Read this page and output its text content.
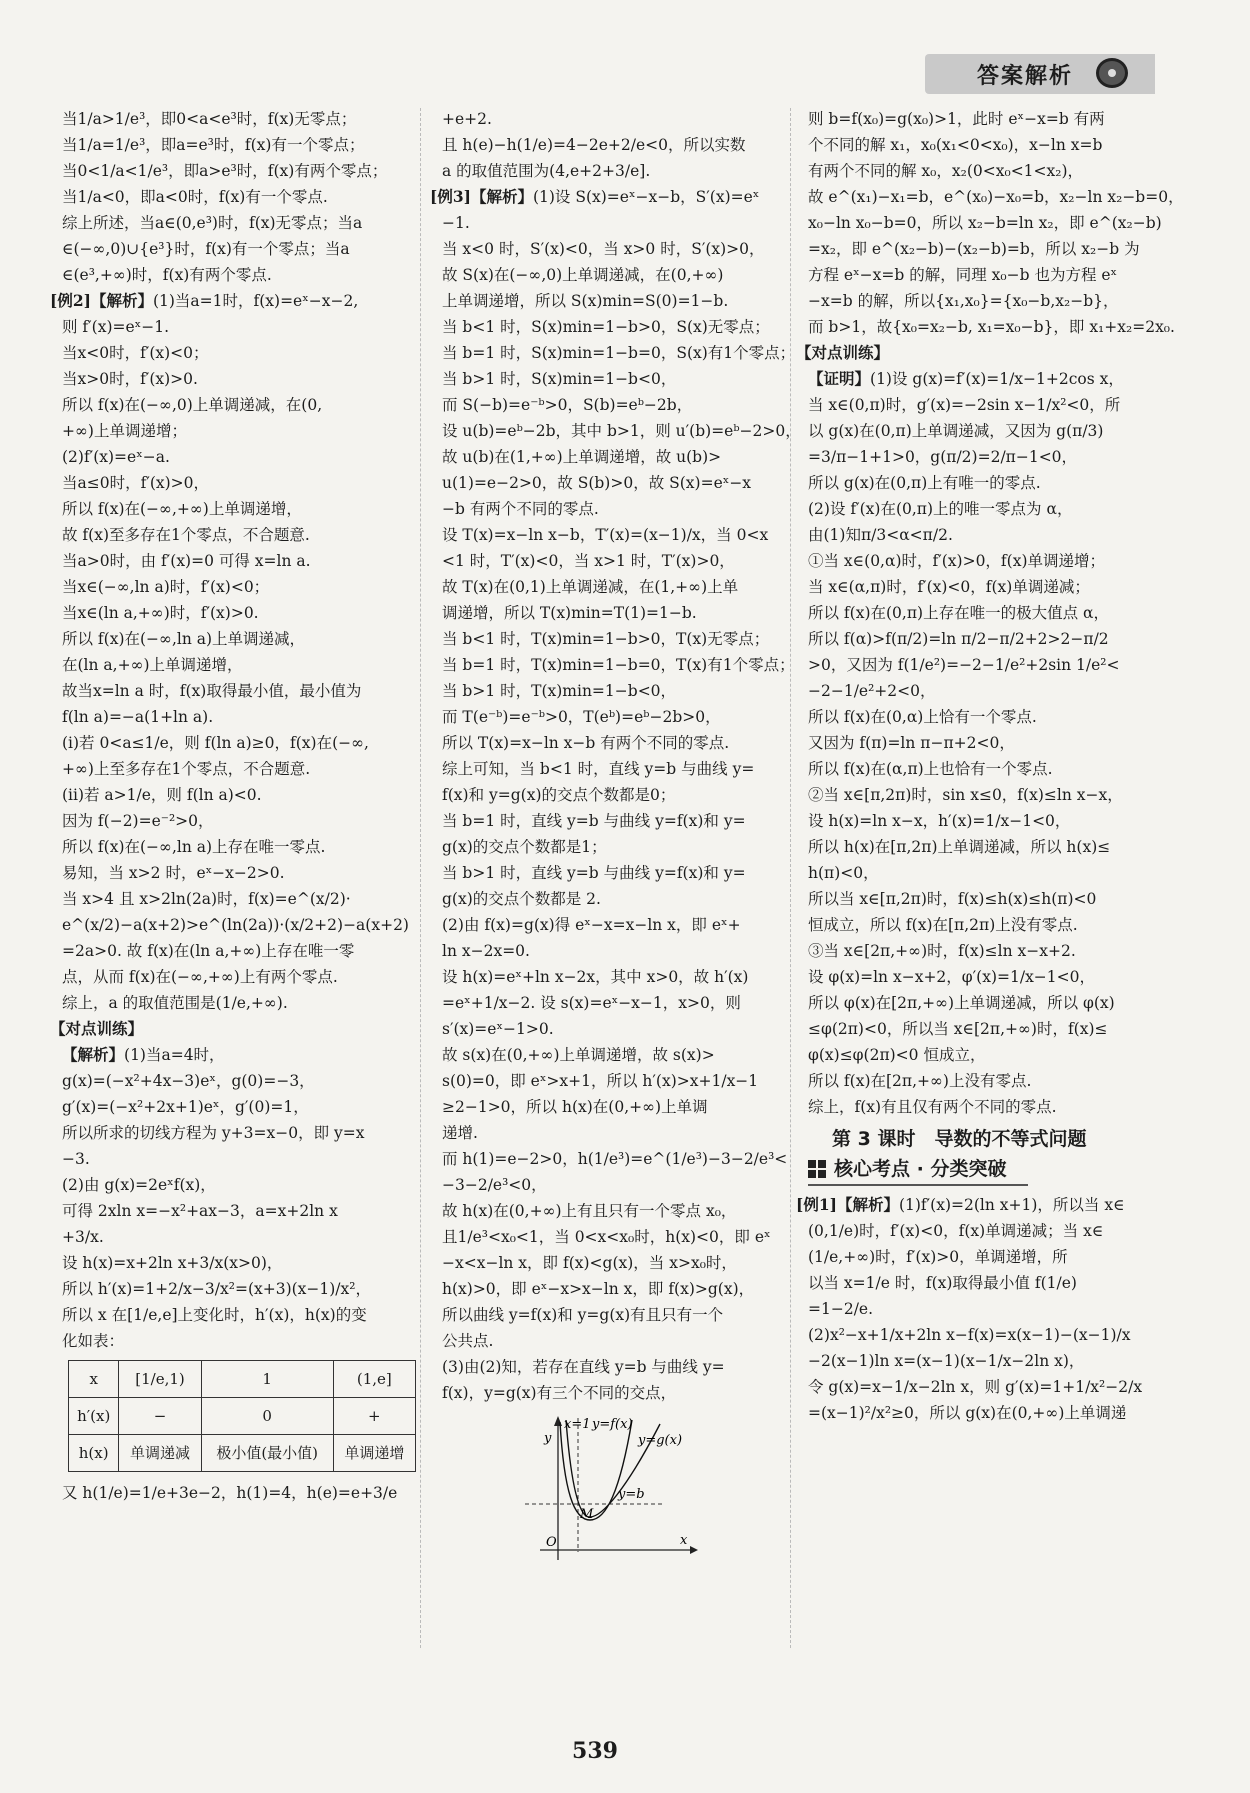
答案解析

当1/a>1/e³，即0<a<e³时，f(x)无零点；

当1/a=1/e³，即a=e³时，f(x)有一个零点；

当0<1/a<1/e³，即a>e³时，f(x)有两个零点；

当1/a<0，即a<0时，f(x)有一个零点.

综上所述，当a∈(0,e³)时，f(x)无零点；当a

∈(−∞,0)∪{e³}时，f(x)有一个零点；当a

∈(e³,+∞)时，f(x)有两个零点.

[例2]【解析】(1)当a=1时，f(x)=eˣ−x−2,

则 f′(x)=eˣ−1.

当x<0时，f′(x)<0；

当x>0时，f′(x)>0.

所以 f(x)在(−∞,0)上单调递减，在(0,

+∞)上单调递增；

(2)f′(x)=eˣ−a.

当a≤0时，f′(x)>0，

所以 f(x)在(−∞,+∞)上单调递增，

故 f(x)至多存在1个零点，不合题意.

当a>0时，由 f′(x)=0 可得 x=ln a.

当x∈(−∞,ln a)时，f′(x)<0；

当x∈(ln a,+∞)时，f′(x)>0.

所以 f(x)在(−∞,ln a)上单调递减，

在(ln a,+∞)上单调递增，

故当x=ln a 时，f(x)取得最小值，最小值为

f(ln a)=−a(1+ln a).

(i)若 0<a≤1/e，则 f(ln a)≥0，f(x)在(−∞,

+∞)上至多存在1个零点，不合题意.

(ii)若 a>1/e，则 f(ln a)<0.

因为 f(−2)=e⁻²>0，

所以 f(x)在(−∞,ln a)上存在唯一零点.

易知，当 x>2 时，eˣ−x−2>0.

当 x>4 且 x>2ln(2a)时，f(x)=e^(x/2)·

e^(x/2)−a(x+2)>e^(ln(2a))·(x/2+2)−a(x+2)

=2a>0. 故 f(x)在(ln a,+∞)上存在唯一零

点，从而 f(x)在(−∞,+∞)上有两个零点.

综上，a 的取值范围是(1/e,+∞).

【对点训练】

【解析】(1)当a=4时，

g(x)=(−x²+4x−3)eˣ，g(0)=−3，

g′(x)=(−x²+2x+1)eˣ，g′(0)=1，

所以所求的切线方程为 y+3=x−0，即 y=x

−3.

(2)由 g(x)=2eˣf(x)，

可得 2xln x=−x²+ax−3，a=x+2ln x

+3/x.

设 h(x)=x+2ln x+3/x(x>0)，

所以 h′(x)=1+2/x−3/x²=(x+3)(x−1)/x²，

所以 x 在[1/e,e]上变化时，h′(x)，h(x)的变

化如表：

x	[1/e,1)	1	(1,e]
h′(x)	−	0	+
h(x)	单调递减	极小值(最小值)	单调递增

又 h(1/e)=1/e+3e−2，h(1)=4，h(e)=e+3/e

+e+2.

且 h(e)−h(1/e)=4−2e+2/e<0，所以实数

a 的取值范围为(4,e+2+3/e].

[例3]【解析】(1)设 S(x)=eˣ−x−b，S′(x)=eˣ

−1.

当 x<0 时，S′(x)<0，当 x>0 时，S′(x)>0，

故 S(x)在(−∞,0)上单调递减，在(0,+∞)

上单调递增，所以 S(x)min=S(0)=1−b.

当 b<1 时，S(x)min=1−b>0，S(x)无零点；

当 b=1 时，S(x)min=1−b=0，S(x)有1个零点；

当 b>1 时，S(x)min=1−b<0，

而 S(−b)=e⁻ᵇ>0，S(b)=eᵇ−2b，

设 u(b)=eᵇ−2b，其中 b>1，则 u′(b)=eᵇ−2>0，

故 u(b)在(1,+∞)上单调递增，故 u(b)>

u(1)=e−2>0，故 S(b)>0，故 S(x)=eˣ−x

−b 有两个不同的零点.

设 T(x)=x−ln x−b，T′(x)=(x−1)/x，当 0<x

<1 时，T′(x)<0，当 x>1 时，T′(x)>0，

故 T(x)在(0,1)上单调递减，在(1,+∞)上单

调递增，所以 T(x)min=T(1)=1−b.

当 b<1 时，T(x)min=1−b>0，T(x)无零点；

当 b=1 时，T(x)min=1−b=0，T(x)有1个零点；

当 b>1 时，T(x)min=1−b<0，

而 T(e⁻ᵇ)=e⁻ᵇ>0，T(eᵇ)=eᵇ−2b>0，

所以 T(x)=x−ln x−b 有两个不同的零点.

综上可知，当 b<1 时，直线 y=b 与曲线 y=

f(x)和 y=g(x)的交点个数都是0；

当 b=1 时，直线 y=b 与曲线 y=f(x)和 y=

g(x)的交点个数都是1；

当 b>1 时，直线 y=b 与曲线 y=f(x)和 y=

g(x)的交点个数都是 2.

(2)由 f(x)=g(x)得 eˣ−x=x−ln x，即 eˣ+

ln x−2x=0.

设 h(x)=eˣ+ln x−2x，其中 x>0，故 h′(x)

=eˣ+1/x−2. 设 s(x)=eˣ−x−1，x>0，则

s′(x)=eˣ−1>0.

故 s(x)在(0,+∞)上单调递增，故 s(x)>

s(0)=0，即 eˣ>x+1，所以 h′(x)>x+1/x−1

≥2−1>0，所以 h(x)在(0,+∞)上单调

递增.

而 h(1)=e−2>0，h(1/e³)=e^(1/e³)−3−2/e³<

−3−2/e³<0，

故 h(x)在(0,+∞)上有且只有一个零点 x₀，

且1/e³<x₀<1，当 0<x<x₀时，h(x)<0，即 eˣ

−x<x−ln x，即 f(x)<g(x)，当 x>x₀时，

h(x)>0，即 eˣ−x>x−ln x，即 f(x)>g(x)，

所以曲线 y=f(x)和 y=g(x)有且只有一个

公共点.

(3)由(2)知，若存在直线 y=b 与曲线 y=

f(x)，y=g(x)有三个不同的交点，

x=1 y=f(x)
y=g(x)
y
y=b
M
O	x

则 b=f(x₀)=g(x₀)>1，此时 eˣ−x=b 有两

个不同的解 x₁，x₀(x₁<0<x₀)，x−ln x=b

有两个不同的解 x₀，x₂(0<x₀<1<x₂)，

故 e^(x₁)−x₁=b，e^(x₀)−x₀=b，x₂−ln x₂−b=0，

x₀−ln x₀−b=0，所以 x₂−b=ln x₂，即 e^(x₂−b)

=x₂，即 e^(x₂−b)−(x₂−b)=b，所以 x₂−b 为

方程 eˣ−x=b 的解，同理 x₀−b 也为方程 eˣ

−x=b 的解，所以{x₁,x₀}={x₀−b,x₂−b}，

而 b>1，故{x₀=x₂−b, x₁=x₀−b}，即 x₁+x₂=2x₀.

【对点训练】

【证明】(1)设 g(x)=f′(x)=1/x−1+2cos x，

当 x∈(0,π)时，g′(x)=−2sin x−1/x²<0，所

以 g(x)在(0,π)上单调递减，又因为 g(π/3)

=3/π−1+1>0，g(π/2)=2/π−1<0，

所以 g(x)在(0,π)上有唯一的零点.

(2)设 f′(x)在(0,π)上的唯一零点为 α，

由(1)知π/3<α<π/2.

①当 x∈(0,α)时，f′(x)>0，f(x)单调递增；

当 x∈(α,π)时，f′(x)<0，f(x)单调递减；

所以 f(x)在(0,π)上存在唯一的极大值点 α，

所以 f(α)>f(π/2)=ln π/2−π/2+2>2−π/2

>0，又因为 f(1/e²)=−2−1/e²+2sin 1/e²<

−2−1/e²+2<0，

所以 f(x)在(0,α)上恰有一个零点.

又因为 f(π)=ln π−π+2<0，

所以 f(x)在(α,π)上也恰有一个零点.

②当 x∈[π,2π)时，sin x≤0，f(x)≤ln x−x，

设 h(x)=ln x−x，h′(x)=1/x−1<0，

所以 h(x)在[π,2π)上单调递减，所以 h(x)≤

h(π)<0，

所以当 x∈[π,2π)时，f(x)≤h(x)≤h(π)<0

恒成立，所以 f(x)在[π,2π)上没有零点.

③当 x∈[2π,+∞)时，f(x)≤ln x−x+2.

设 φ(x)=ln x−x+2，φ′(x)=1/x−1<0，

所以 φ(x)在[2π,+∞)上单调递减，所以 φ(x)

≤φ(2π)<0，所以当 x∈[2π,+∞)时，f(x)≤

φ(x)≤φ(2π)<0 恒成立，

所以 f(x)在[2π,+∞)上没有零点.

综上，f(x)有且仅有两个不同的零点.

第 3 课时　导数的不等式问题

核心考点 · 分类突破

[例1]【解析】(1)f′(x)=2(ln x+1)，所以当 x∈

(0,1/e)时，f′(x)<0，f(x)单调递减；当 x∈

(1/e,+∞)时，f′(x)>0，单调递增，所

以当 x=1/e 时，f(x)取得最小值 f(1/e)

=1−2/e.

(2)x²−x+1/x+2ln x−f(x)=x(x−1)−(x−1)/x

−2(x−1)ln x=(x−1)(x−1/x−2ln x)，

令 g(x)=x−1/x−2ln x，则 g′(x)=1+1/x²−2/x

=(x−1)²/x²≥0，所以 g(x)在(0,+∞)上单调递

539
